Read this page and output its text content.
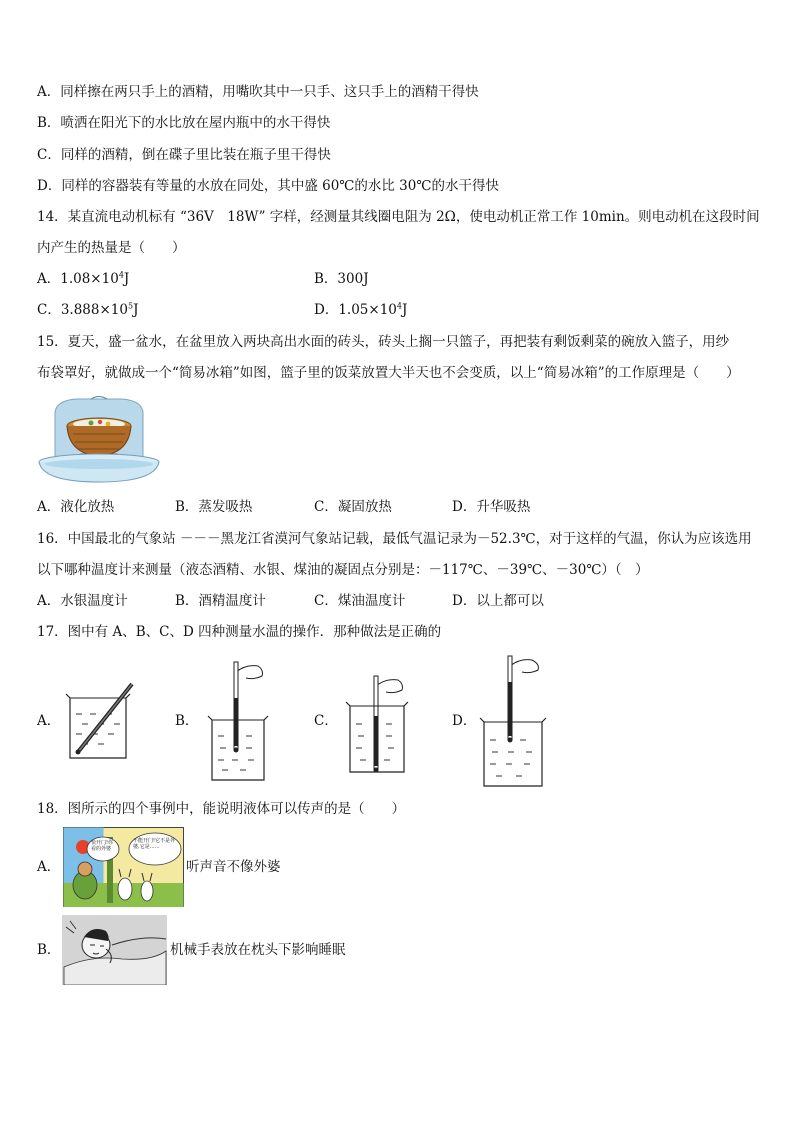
A．同样擦在两只手上的酒精，用嘴吹其中一只手、这只手上的酒精干得快
B．喷洒在阳光下的水比放在屋内瓶中的水干得快
C．同样的酒精，倒在碟子里比装在瓶子里干得快
D．同样的容器装有等量的水放在同处，其中盛 60℃的水比 30℃的水干得快
14．某直流电动机标有 “36V　18W” 字样，经测量其线圈电阻为 2Ω，使电动机正常工作 10min。则电动机在这段时间
内产生的热量是（　　）
A．$1.08\times 10^4J$	B．300J
C．$3.888\times 10^5J$	D．$1.05\times 10^4J$
15．夏天，盛一盆水，在盆里放入两块高出水面的砖头，砖头上搁一只篮子，再把装有剩饭剩菜的碗放入篮子，用纱
布袋罩好，就做成一个“简易冰箱”如图，篮子里的饭菜放置大半天也不会变质，以上“简易冰箱”的工作原理是（　　）
A．液化放热	B．蒸发吸热	C．凝固放热	D．升华吸热
16．中国最北的气象站 －－－黑龙江省漠河气象站记载，最低气温记录为－52.3℃，对于这样的气温，你认为应该选用
以下哪种温度计来测量（液态酒精、水银、煤油的凝固点分别是：－117℃、－39℃、－30℃）（　）
A．水银温度计	B．酒精温度计	C．煤油温度计	D．以上都可以
17．图中有 A、B、C、D 四种测量水温的操作．那种做法是正确的
A．	B．	C．	D．
18．图所示的四个事例中，能说明液体可以传声的是（　　）
A．
快开门!你看的外婆
不能开门!它不是外婆,它是……
听声音不像外婆
B．	机械手表放在枕头下影响睡眠
